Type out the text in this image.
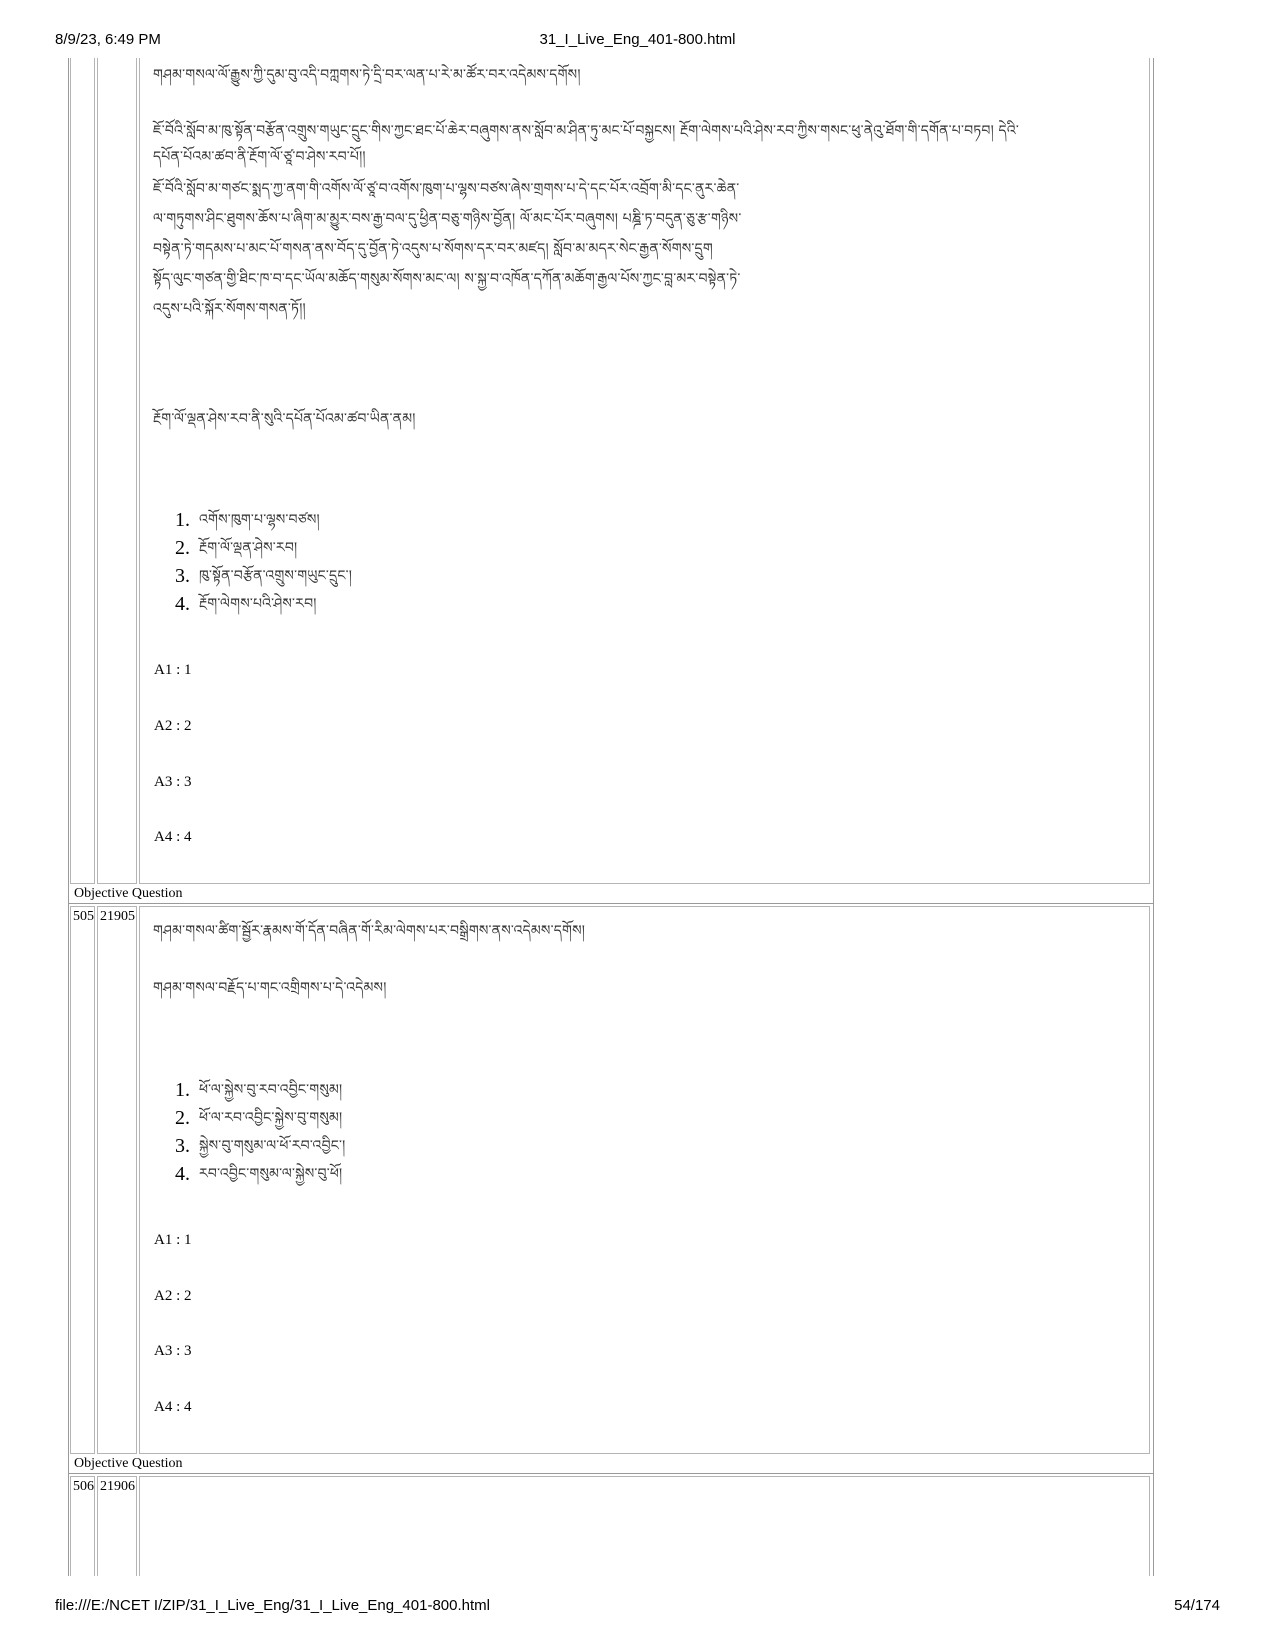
8/9/23, 6:49 PM	31_I_Live_Eng_401-800.html
གཤམ་གསལ་ལོ་རྒྱུས་ཀྱི་དུམ་བུ་འདི་བཀླགས་ཏེ་དྲི་བར་ལན་པ་རེ་མ་ཚོར་བར་འདེམས་དགོས།
ཇོ་བོའི་སློབ་མ་ཁུ་སྟོན་བརྩོན་འགྲུས་གཡུང་དྲུང་གིས་ཀྱང་ཐང་པོ་ཆེར་བཞུགས་ནས་སློབ་མ་ཤིན་ཏུ་མང་པོ་བསྐྱངས། རྔོག་ལེགས་པའི་ཤེས་རབ་ཀྱིས་གསང་ཕུ་ནེའུ་ཐོག་གི་དགོན་པ་བཏབ། དེའི་
དཔོན་པོའམ་ཚབ་ནི་རྔོག་ལོ་ཙཱ་བ་ཤེས་རབ་པོ།།
ཇོ་བོའི་སློབ་མ་གཙང་སྨད་ཀྱ་ནག་གི་འགོས་ལོ་ཙཱ་བ་འགོས་ཁུག་པ་ལྷས་བཙས་ཞེས་གྲགས་པ་དེ་དང་པོར་འབྲོག་མི་དང་ནུར་ཆེན་
ལ་གཏུགས་ཤིང་ཐུགས་ཆོས་པ་ཞིག་མ་མྱུར་བས་རྒྱ་བལ་དུ་ཕྱིན་བཅུ་གཉིས་བྱོན། ལོ་མང་པོར་བཞུགས། པཎྜི་ཏ་བདུན་ཅུ་རྩ་གཉིས་
བསྟེན་ཏེ་གདམས་པ་མང་པོ་གསན་ནས་བོད་དུ་བྱོན་ཏེ་འདུས་པ་སོགས་དར་བར་མཛད། སློབ་མ་མདར་སེང་རྒྱན་སོགས་དྲུག
སྟོད་ལུང་གཙན་གྱི་ཐིང་ཁ་བ་དང་ཡོལ་མཆོད་གསུམ་སོགས་མང་ལ། ས་སྐྱ་བ་འཁོན་དཀོན་མཆོག་རྒྱལ་པོས་ཀྱང་བླ་མར་བསྟེན་ཏེ་
འདུས་པའི་སྐོར་སོགས་གསན་ཏོ།།
རྔོག་ལོ་ལྡན་ཤེས་རབ་ནི་སུའི་དཔོན་པོའམ་ཚབ་ཡིན་ནམ།
1. འགོས་ཁུག་པ་ལྷས་བཙས།
2. རྔོག་ལོ་ལྡན་ཤེས་རབ།
3. ཁུ་སྟོན་བརྩོན་འགྲུས་གཡུང་དྲུང་།
4. རྔོག་ལེགས་པའི་ཤེས་རབ།
A1 : 1
A2 : 2
A3 : 3
A4 : 4
Objective Question
505 21905
གཤམ་གསལ་ཚིག་སྦྱོར་རྣམས་གོ་དོན་བཞིན་གོ་རིམ་ལེགས་པར་བསྒྲིགས་ནས་འདེམས་དགོས།
གཤམ་གསལ་བརྗོད་པ་གང་འགྲིགས་པ་དེ་འདེམས།
1. ཕོ་ལ་སྐྱེས་བུ་རབ་འབྱིང་གསུམ།
2. ཕོ་ལ་རབ་འབྱིང་སྐྱེས་བུ་གསུམ།
3. སྐྱེས་བུ་གསུམ་ལ་ཕོ་རབ་འབྱིང་།
4. རབ་འབྱིང་གསུམ་ལ་སྐྱེས་བུ་ཕོ།
A1 : 1
A2 : 2
A3 : 3
A4 : 4
Objective Question
506 21906
file:///E:/NCET I/ZIP/31_I_Live_Eng/31_I_Live_Eng_401-800.html	54/174
